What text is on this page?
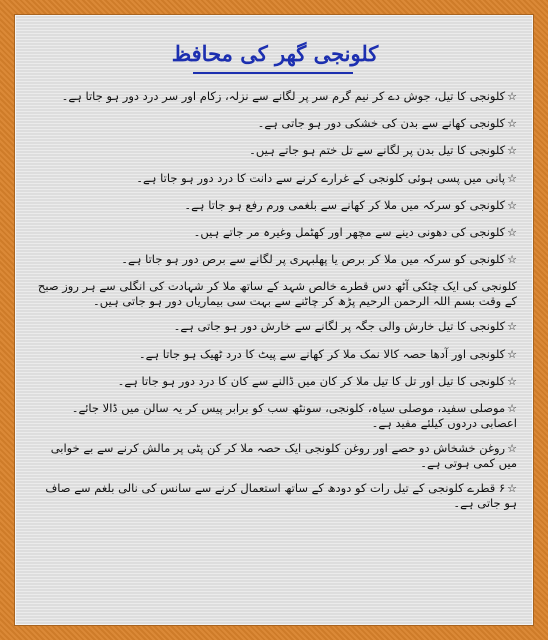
کلونجی گھر کی محافظ
☆کلونجی کا تیل، جوش دے کر نیم گرم سر پر لگانے سے نزلہ، زکام اور سر درد دور ہو جاتا ہے۔
☆کلونجی کھانے سے بدن کی خشکی دور ہو جاتی ہے۔
☆کلونجی کا تیل بدن پر لگانے سے تل ختم ہو جاتے ہیں۔
☆پانی میں پسی ہوئی کلونجی کے غرارے کرنے سے دانت کا درد دور ہو جاتا ہے۔
☆کلونجی کو سرکہ میں ملا کر کھانے سے بلغمی ورم رفع ہو جاتا ہے۔
☆کلونجی کی دھونی دینے سے مچھر اور کھٹمل وغیرہ مر جاتے ہیں۔
☆کلونجی کو سرکہ میں ملا کر برص یا پھلبہری پر لگانے سے برص دور ہو جاتا ہے۔
کلونجی کی ایک چٹکی آٹھ دس قطرے خالص شہد کے ساتھ ملا کر شہادت کی انگلی سے ہر روز صبح کے وقت بسم اللہ الرحمن الرحیم پڑھ کر چاٹنے سے بہت سی بیماریاں دور ہو جاتی ہیں۔
☆کلونجی کا تیل خارش والی جگہ پر لگانے سے خارش دور ہو جاتی ہے۔
☆کلونجی اور آدھا حصہ کالا نمک ملا کر کھانے سے پیٹ کا درد ٹھیک ہو جاتا ہے۔
☆کلونجی کا تیل اور تل کا تیل ملا کر کان میں ڈالنے سے کان کا درد دور ہو جاتا ہے۔
☆موصلی سفید، موصلی سیاہ، کلونجی، سونٹھ سب کو برابر پیس کر یہ سالن میں ڈالا جائے۔ اعصابی دردوں کیلئے مفید ہے۔
☆روغن خشخاش دو حصے اور روغن کلونجی ایک حصہ ملا کر کن پٹی پر مالش کرنے سے بے خوابی میں کمی ہوتی ہے۔
☆۶ قطرے کلونجی کے تیل رات کو دودھ کے ساتھ استعمال کرنے سے سانس کی نالی بلغم سے صاف ہو جاتی ہے۔
